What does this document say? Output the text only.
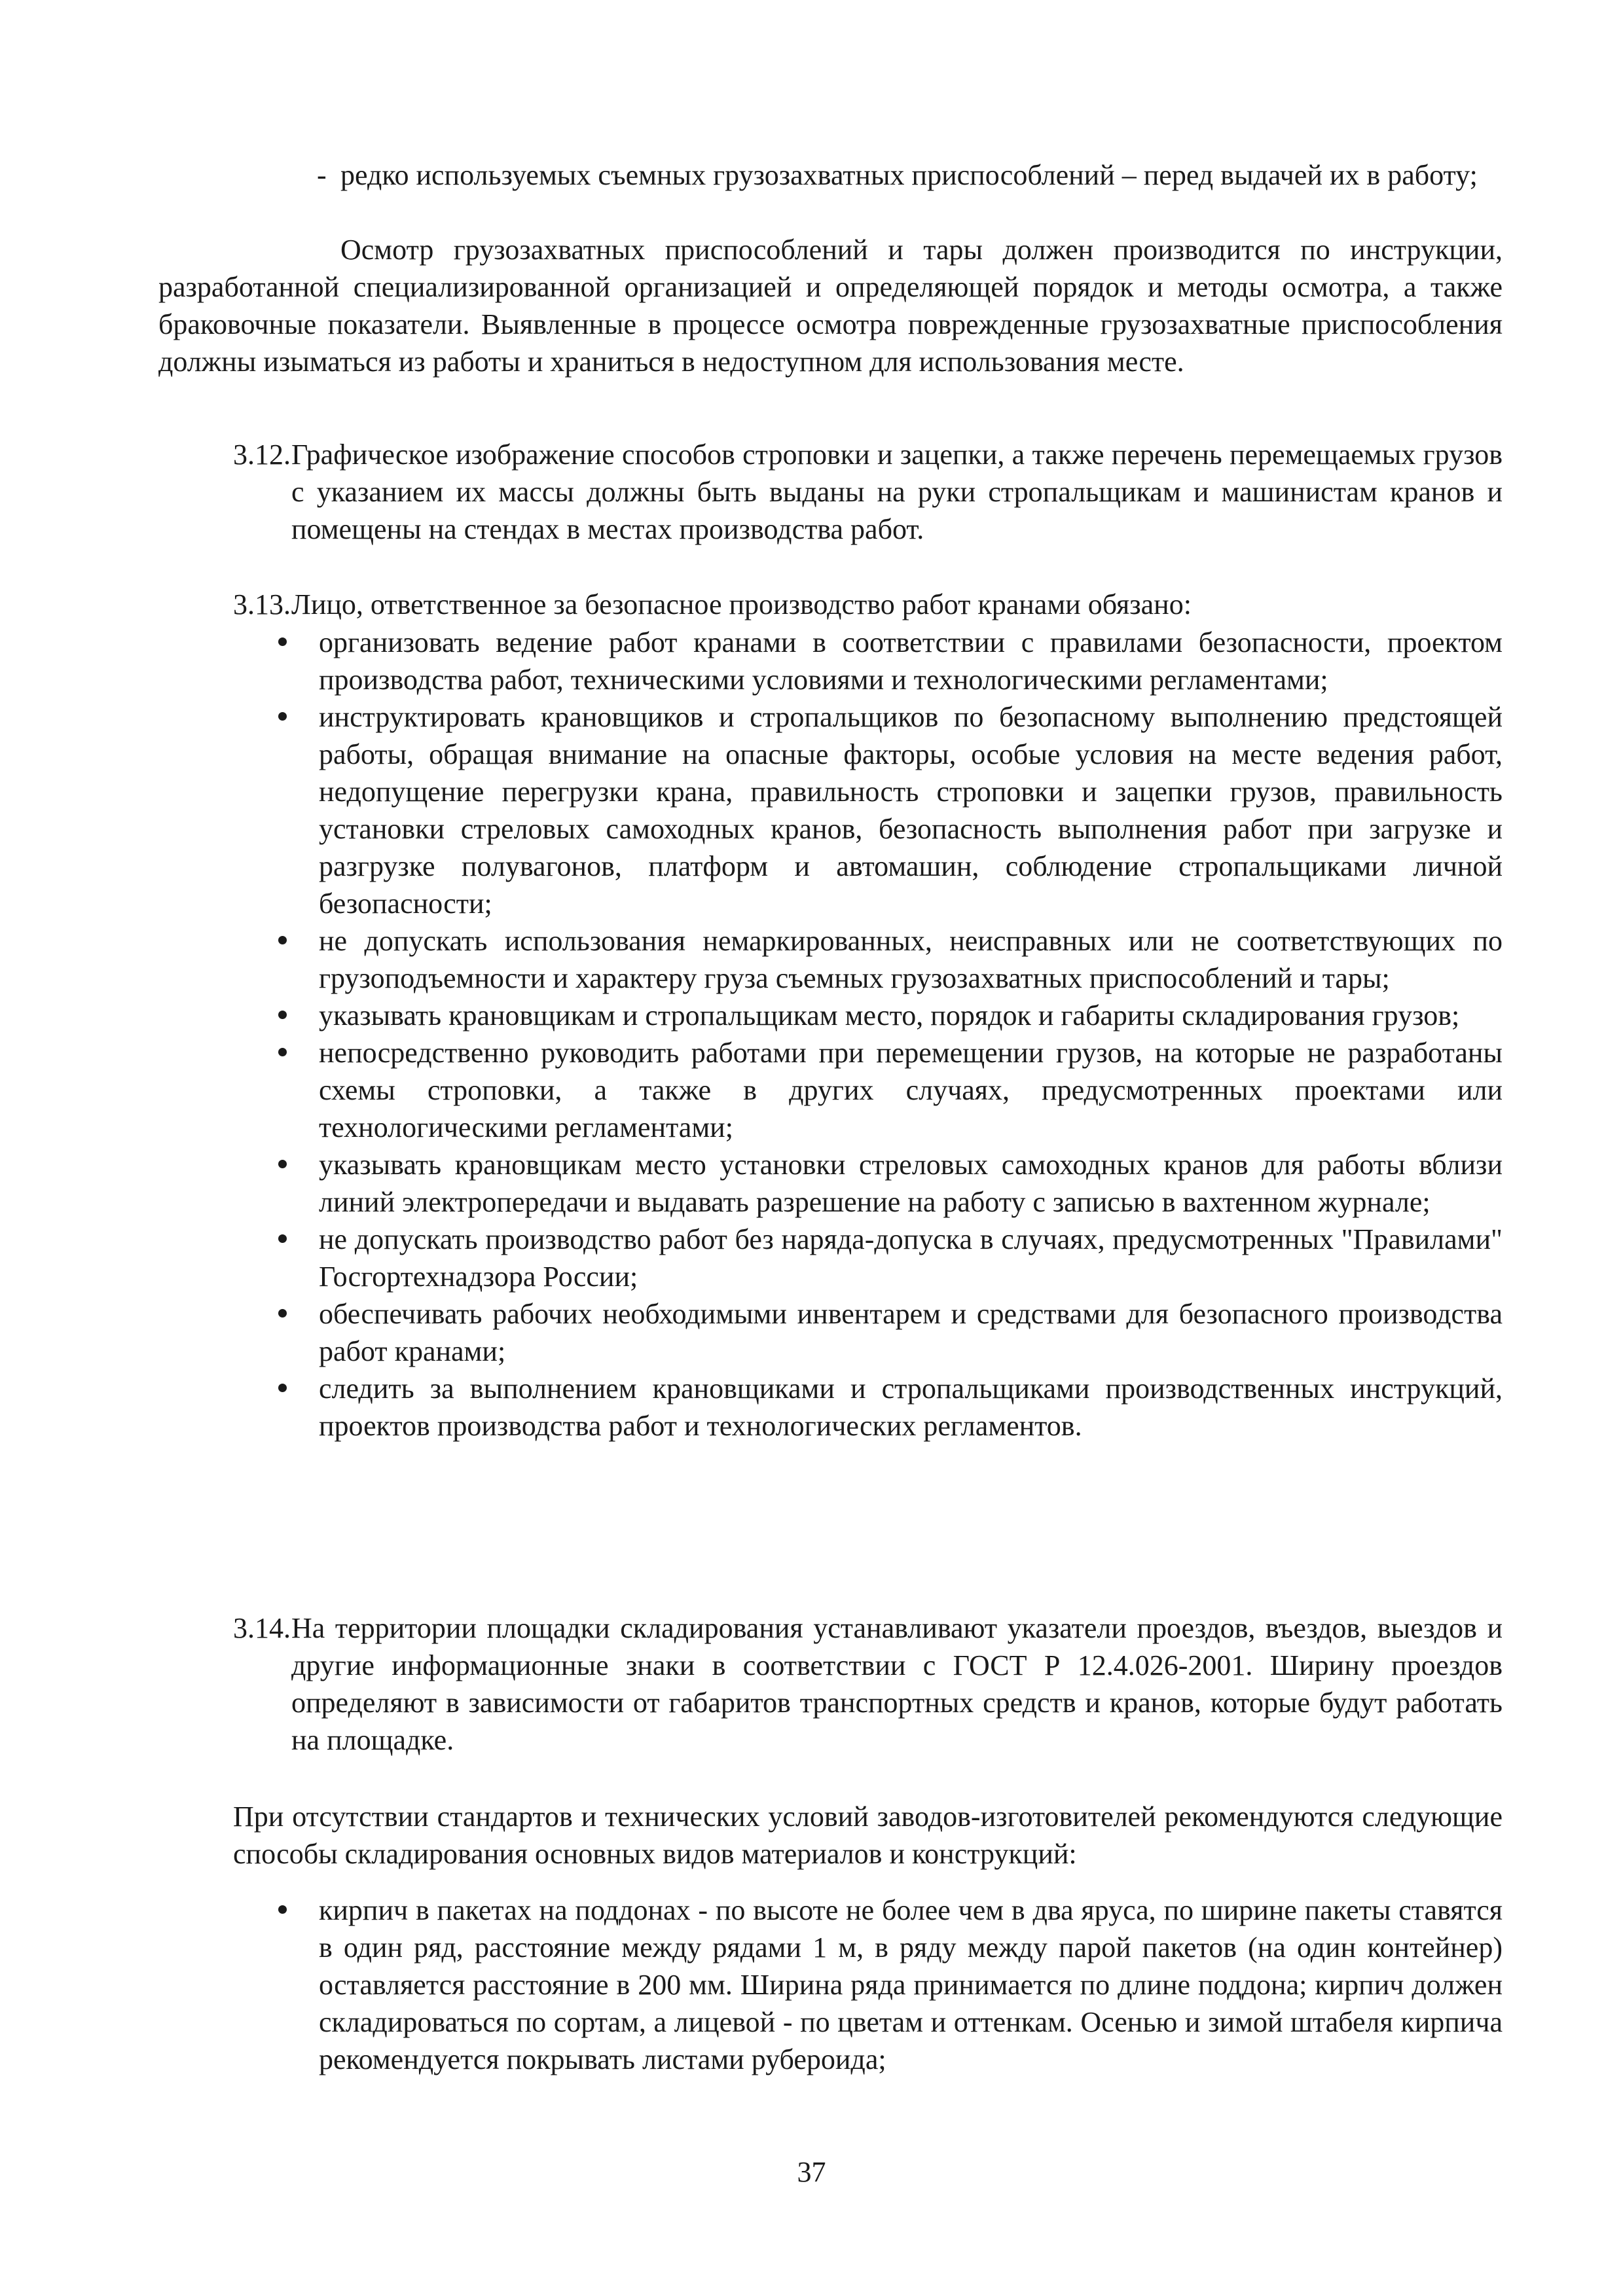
- редко используемых съемных грузозахватных приспособлений – перед выдачей их в работу;
Осмотр грузозахватных приспособлений и тары должен производится по инструкции, разработанной специализированной организацией и определяющей порядок и методы осмотра, а также браковочные показатели. Выявленные в процессе осмотра поврежденные грузозахватные приспособления должны изыматься из работы и храниться в недоступном для использования месте.
3.12. Графическое изображение способов строповки и зацепки, а также перечень перемещаемых грузов с указанием их массы должны быть выданы на руки стропальщикам и машинистам кранов и помещены на стендах в местах производства работ.
3.13. Лицо, ответственное за безопасное производство работ кранами обязано:
организовать ведение работ кранами в соответствии с правилами безопасности, проектом производства работ, техническими условиями и технологическими регламентами;
инструктировать крановщиков и стропальщиков по безопасному выполнению предстоящей работы, обращая внимание на опасные факторы, особые условия на месте ведения работ, недопущение перегрузки крана, правильность строповки и зацепки грузов, правильность установки стреловых самоходных кранов, безопасность выполнения работ при загрузке и разгрузке полувагонов, платформ и автомашин, соблюдение стропальщиками личной безопасности;
не допускать использования немаркированных, неисправных или не соответствующих по грузоподъемности и характеру груза съемных грузозахватных приспособлений и тары;
указывать крановщикам и стропальщикам место, порядок и габариты складирования грузов;
непосредственно руководить работами при перемещении грузов, на которые не разработаны схемы строповки, а также в других случаях, предусмотренных проектами или технологическими регламентами;
указывать крановщикам место установки стреловых самоходных кранов для работы вблизи линий электропередачи и выдавать разрешение на работу с записью в вахтенном журнале;
не допускать производство работ без наряда-допуска в случаях, предусмотренных "Правилами" Госгортехнадзора России;
обеспечивать рабочих необходимыми инвентарем и средствами для безопасного производства работ кранами;
следить за выполнением крановщиками и стропальщиками производственных инструкций, проектов производства работ и технологических регламентов.
3.14. На территории площадки складирования устанавливают указатели проездов, въездов, выездов и другие информационные знаки в соответствии с ГОСТ Р 12.4.026-2001. Ширину проездов определяют в зависимости от габаритов транспортных средств и кранов, которые будут работать на площадке.
При отсутствии стандартов и технических условий заводов-изготовителей рекомендуются следующие способы складирования основных видов материалов и конструкций:
кирпич в пакетах на поддонах - по высоте не более чем в два яруса, по ширине пакеты ставятся в один ряд, расстояние между рядами 1 м, в ряду между парой пакетов (на один контейнер) оставляется расстояние в 200 мм. Ширина ряда принимается по длине поддона; кирпич должен складироваться по сортам, а лицевой - по цветам и оттенкам. Осенью и зимой штабеля кирпича рекомендуется покрывать листами рубероида;
37
